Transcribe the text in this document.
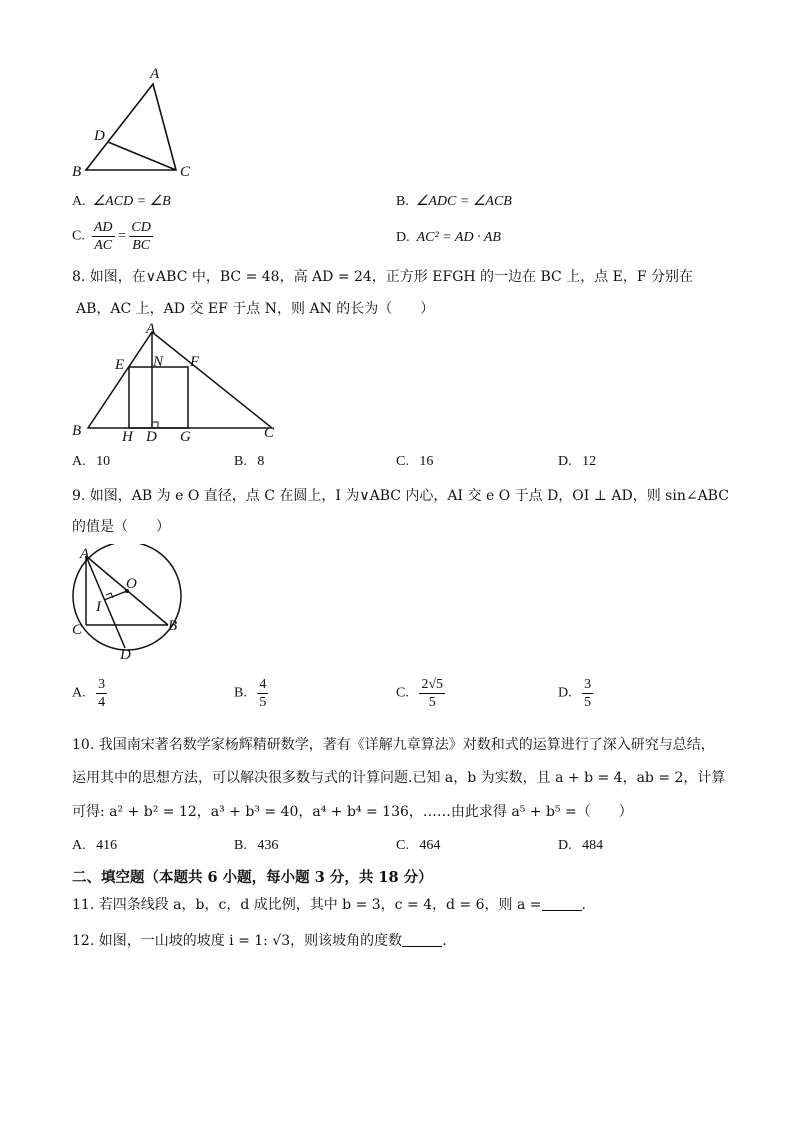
A
D
B	C
A. ∠ACD = ∠B	B. ∠ADC = ∠ACB
C. $\frac{AD}{AC} = \frac{CD}{BC}$	D. AC² = AD · AB
8. 如图，在∨ABC 中，BC = 48，高 AD = 24，正方形 EFGH 的一边在 BC 上，点 E，F 分别在
AB，AC 上，AD 交 EF 于点 N，则 AN 的长为（　　）
A
E N F
B	H D G	C
A. 10	B. 8	C. 16	D. 12
9. 如图，AB 为 e O 直径，点 C 在圆上，I 为∨ABC 内心，AI 交 e O 于点 D，OI ⊥ AD，则 sin∠ABC
的值是（　　）
A
O
I
C	B
D
A. $\frac{3}{4}$	B. $\frac{4}{5}$	C. $\frac{2√5}{5}$	D. $\frac{3}{5}$
10. 我国南宋著名数学家杨辉精研数学，著有《详解九章算法》对数和式的运算进行了深入研究与总结，
运用其中的思想方法，可以解决很多数与式的计算问题.已知 a，b 为实数，且 a + b = 4，ab = 2，计算
可得: a² + b² = 12，a³ + b³ = 40，a⁴ + b⁴ = 136，……由此求得 a⁵ + b⁵ =（　　）
A. 416	B. 436	C. 464	D. 484
二、填空题（本题共 6 小题，每小题 3 分，共 18 分）
11. 若四条线段 a，b，c，d 成比例，其中 b = 3，c = 4，d = 6，则 a =	.
12. 如图，一山坡的坡度 i = 1: √3，则该坡角的度数	.
